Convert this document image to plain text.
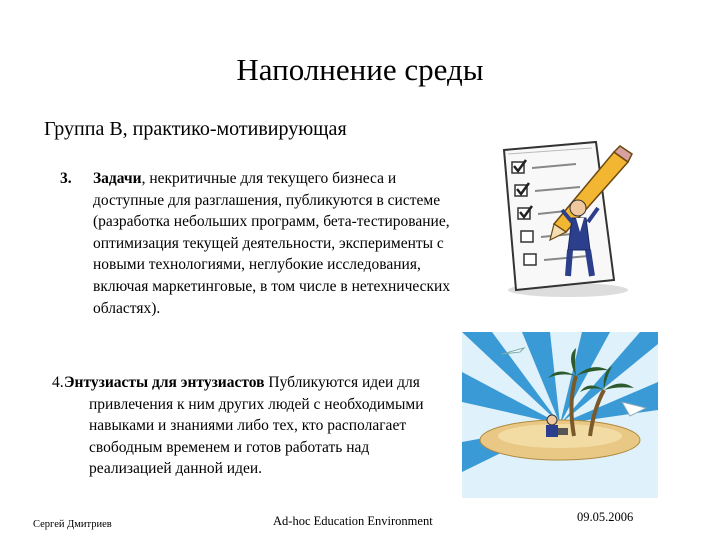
Наполнение среды
Группа В, практико-мотивирующая
3. Задачи, некритичные для текущего бизнеса и доступные для разглашения, публикуются в системе (разработка небольших программ, бета-тестирование, оптимизация текущей деятельности, эксперименты с новыми технологиями, неглубокие исследования, включая маркетинговые, в том числе в нетехнических областях).
4. Энтузиасты для энтузиастов Публикуются идеи для привлечения к ним других людей с необходимыми навыками и знаниями либо тех, кто располагает свободным временем и готов работать над реализацией данной идеи.
Сергей Дмитриев	Ad-hoc Education Environment	09.05.2006
